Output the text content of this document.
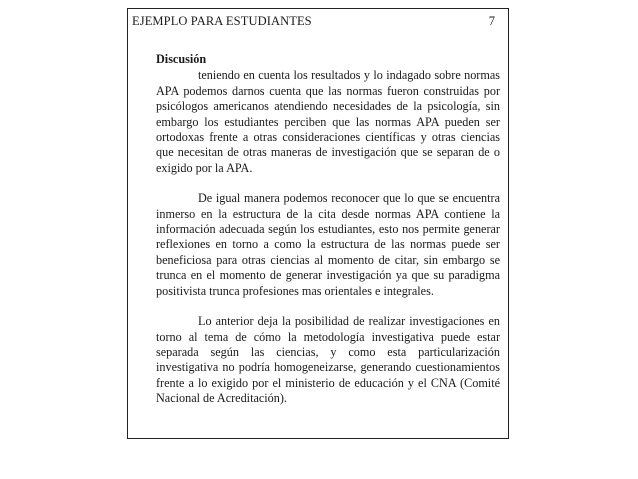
EJEMPLO PARA ESTUDIANTES	7
Discusión

teniendo en cuenta los resultados y lo indagado sobre normas APA podemos darnos cuenta que las normas fueron construidas por psicólogos americanos atendiendo necesidades de la psicología, sin embargo los estudiantes perciben que las normas APA pueden ser ortodoxas frente a otras consideraciones científicas y otras ciencias que necesitan de otras maneras de investigación que se separan de o exigido por la APA.

De igual manera podemos reconocer que lo que se encuentra inmerso en la estructura de la cita desde normas APA contiene la información adecuada según los estudiantes, esto nos permite generar reflexiones en torno a como la estructura de las normas puede ser beneficiosa para otras ciencias al momento de citar, sin embargo se trunca en el momento de generar investigación ya que su paradigma positivista trunca profesiones mas orientales e integrales.

Lo anterior deja la posibilidad de realizar investigaciones en torno al tema de cómo la metodología investigativa puede estar separada según las ciencias, y como esta particularización investigativa no podría homogeneizarse, generando cuestionamientos frente a lo exigido por el ministerio de educación y el CNA (Comité Nacional de Acreditación).
